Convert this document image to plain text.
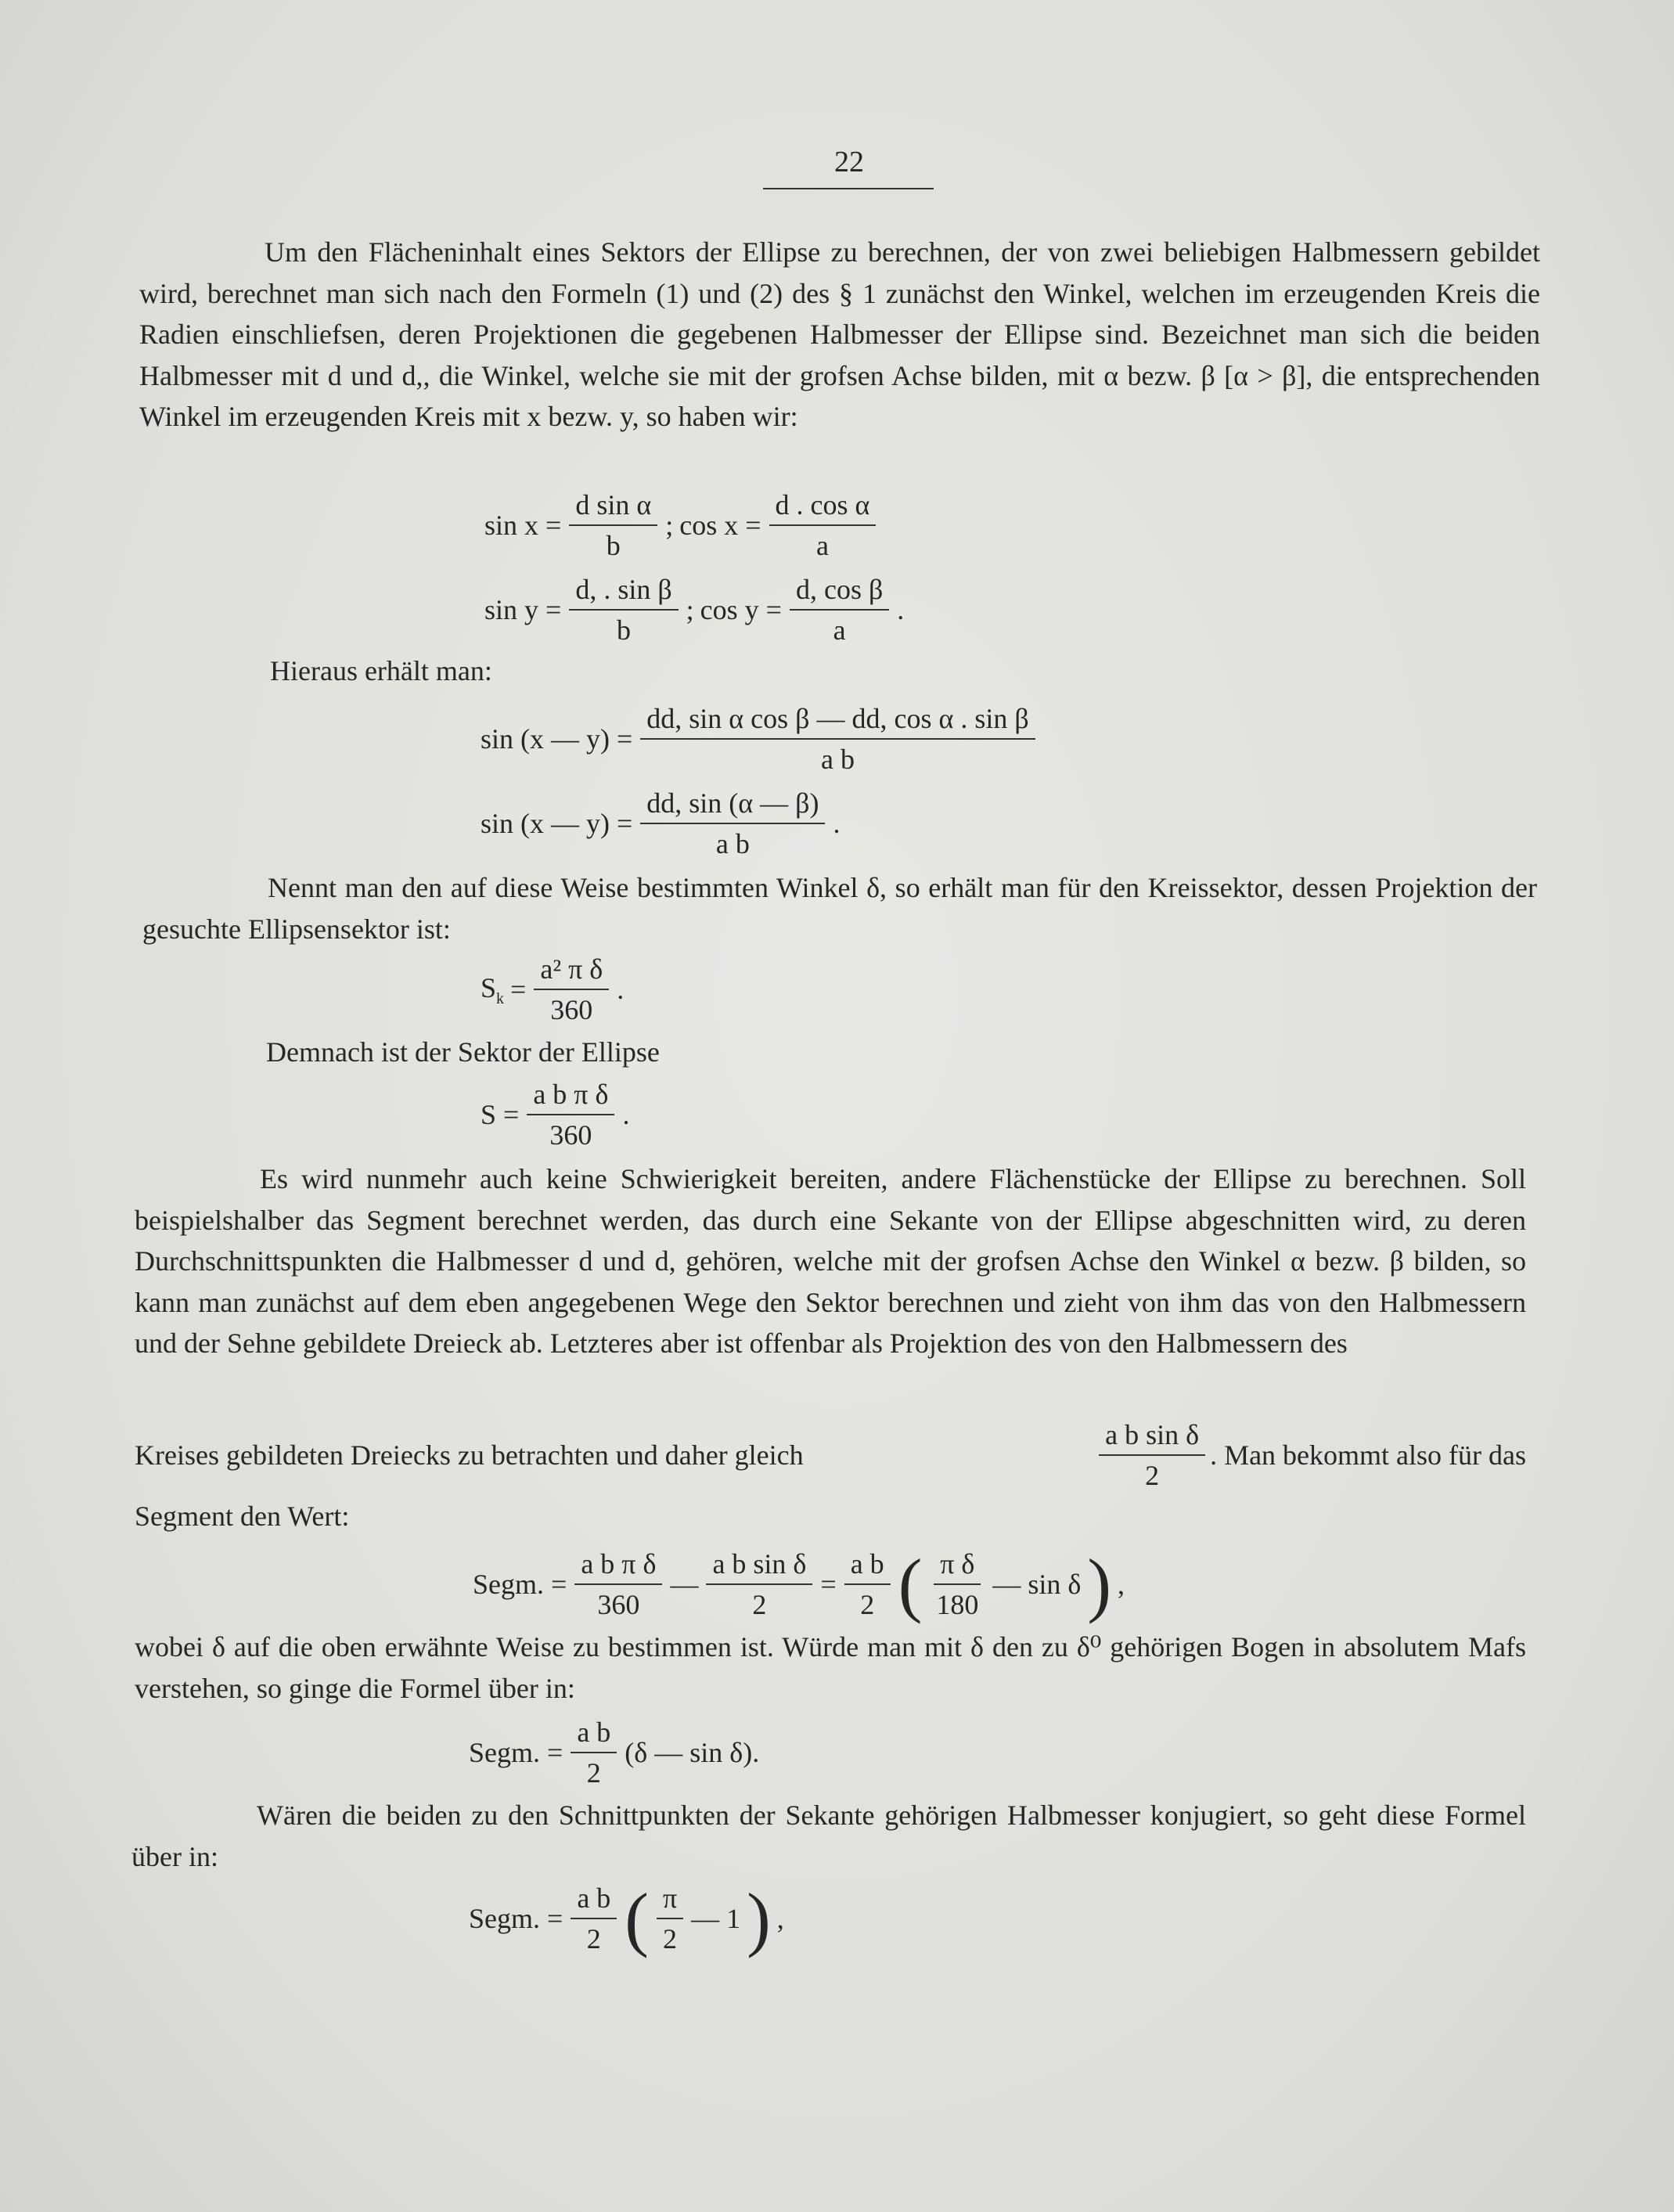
22

Um den Flächeninhalt eines Sektors der Ellipse zu berechnen, der von zwei beliebigen Halbmessern gebildet wird, berechnet man sich nach den Formeln (1) und (2) des § 1 zunächst den Winkel, welchen im erzeugenden Kreis die Radien einschliefsen, deren Projektionen die gegebenen Halbmesser der Ellipse sind. Bezeichnet man sich die beiden Halbmesser mit d und d,, die Winkel, welche sie mit der grofsen Achse bilden, mit α bezw. β [α > β], die entsprechenden Winkel im erzeugenden Kreis mit x bezw. y, so haben wir:

$\sin x = \frac{\text{d sin α}}{b}$ ; $\cos x = \frac{\text{d . cos α}}{a}$
$\sin y = \frac{\text{d, . sin β}}{b}$ ; $\cos y = \frac{\text{d, cos β}}{a}$ .
Hieraus erhält man:
sin (x — $y) = \frac{\text{dd, sin α cos β — dd, cos α . sin β}}{\text{a b}}$
sin (x — $y) = \frac{dd, \sin (\alpha — \beta)}{\text{a b}}$ .

Nennt man den auf diese Weise bestimmten Winkel δ, so erhält man für den Kreissektor, dessen Projektion der gesuchte Ellipsensektor ist:

$S_k = \frac{\text{a² π δ}}{360}$ .
Demnach ist der Sektor der Ellipse
$S = \frac{\text{a b π δ}}{360}$ .

Es wird nunmehr auch keine Schwierigkeit bereiten, andere Flächenstücke der Ellipse zu berechnen. Soll beispielshalber das Segment berechnet werden, das durch eine Sekante von der Ellipse abgeschnitten wird, zu deren Durchschnittspunkten die Halbmesser d und d, gehören, welche mit der grofsen Achse den Winkel α bezw. β bilden, so kann man zunächst auf dem eben angegebenen Wege den Sektor berechnen und zieht von ihm das von den Halbmessern und der Sehne gebildete Dreieck ab. Letzteres aber ist offenbar als Projektion des von den Halbmessern des

Kreises gebildeten Dreiecks zu betrachten und daher gleich	$\frac{\text{a b sin δ}}{2}$ . Man bekommt also für das
Segment den Wert:
Segm. = $\frac{\text{a b π δ}}{360}$ — $\frac{\text{a b sin δ}}{2} = \frac{\text{a b}}{2}$ ( $\frac{\text{π δ}}{180}$ — sin δ ) ,

wobei δ auf die oben erwähnte Weise zu bestimmen ist. Würde man mit δ den zu δ⁰ gehörigen Bogen in absolutem Mafs verstehen, so ginge die Formel über in:

Segm. = $\frac{\text{a b}}{2} (\delta$ — sin δ).

Wären die beiden zu den Schnittpunkten der Sekante gehörigen Halbmesser konjugiert, so geht diese Formel über in:

Segm. = $\frac{\text{a b}}{2}$ ( $\frac{\pi}{2}$ — 1 ) ,
